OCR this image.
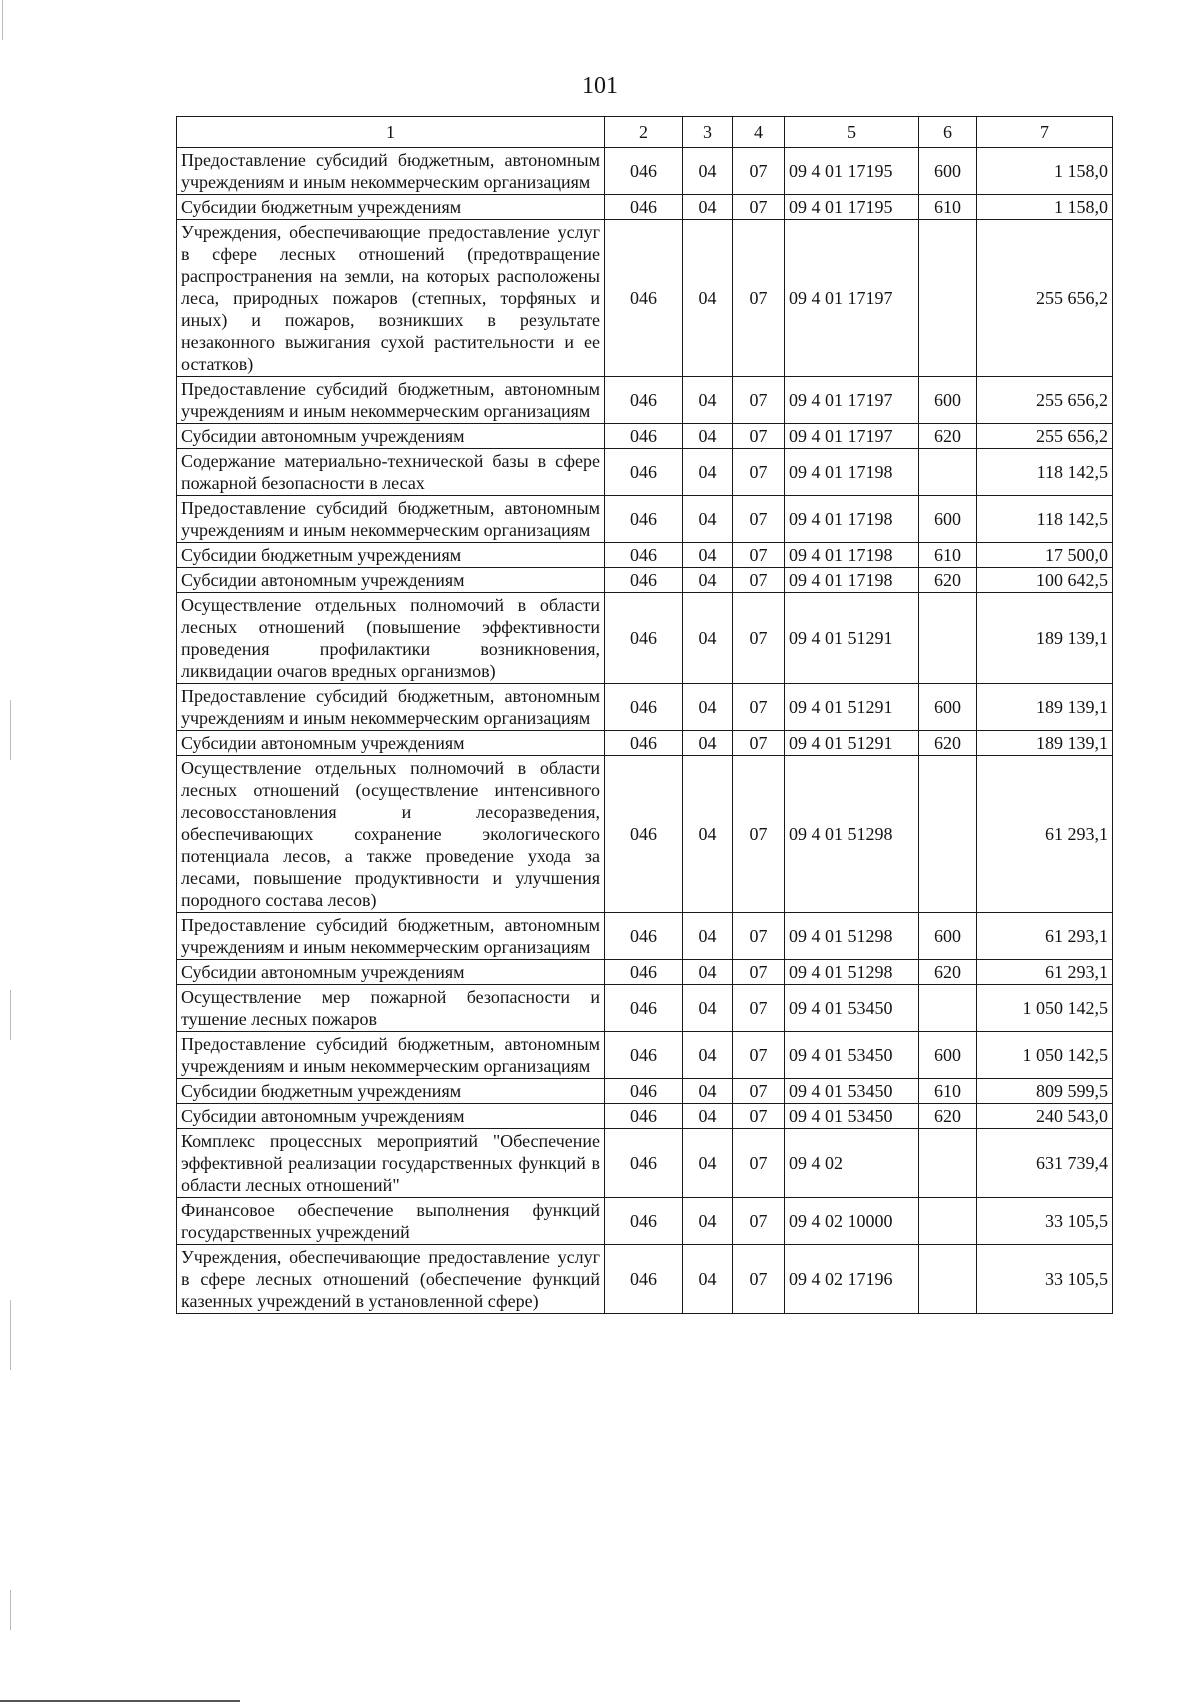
101
1	2	3	4	5	6	7
Предоставление субсидий бюджетным, автономным учреждениям и иным некоммерческим организациям	046	04	07	09 4 01 17195	600	1 158,0
Субсидии бюджетным учреждениям	046	04	07	09 4 01 17195	610	1 158,0
Учреждения, обеспечивающие предоставление услуг в сфере лесных отношений (предотвращение распространения на земли, на которых расположены леса, природных пожаров (степных, торфяных и иных) и пожаров, возникших в результате незаконного выжигания сухой растительности и ее остатков)	046	04	07	09 4 01 17197		255 656,2
Предоставление субсидий бюджетным, автономным учреждениям и иным некоммерческим организациям	046	04	07	09 4 01 17197	600	255 656,2
Субсидии автономным учреждениям	046	04	07	09 4 01 17197	620	255 656,2
Содержание материально-технической базы в сфере пожарной безопасности в лесах	046	04	07	09 4 01 17198		118 142,5
Предоставление субсидий бюджетным, автономным учреждениям и иным некоммерческим организациям	046	04	07	09 4 01 17198	600	118 142,5
Субсидии бюджетным учреждениям	046	04	07	09 4 01 17198	610	17 500,0
Субсидии автономным учреждениям	046	04	07	09 4 01 17198	620	100 642,5
Осуществление отдельных полномочий в области лесных отношений (повышение эффективности проведения профилактики возникновения, ликвидации очагов вредных организмов)	046	04	07	09 4 01 51291		189 139,1
Предоставление субсидий бюджетным, автономным учреждениям и иным некоммерческим организациям	046	04	07	09 4 01 51291	600	189 139,1
Субсидии автономным учреждениям	046	04	07	09 4 01 51291	620	189 139,1
Осуществление отдельных полномочий в области лесных отношений (осуществление интенсивного лесовосстановления и лесоразведения, обеспечивающих сохранение экологического потенциала лесов, а также проведение ухода за лесами, повышение продуктивности и улучшения породного состава лесов)	046	04	07	09 4 01 51298		61 293,1
Предоставление субсидий бюджетным, автономным учреждениям и иным некоммерческим организациям	046	04	07	09 4 01 51298	600	61 293,1
Субсидии автономным учреждениям	046	04	07	09 4 01 51298	620	61 293,1
Осуществление мер пожарной безопасности и тушение лесных пожаров	046	04	07	09 4 01 53450		1 050 142,5
Предоставление субсидий бюджетным, автономным учреждениям и иным некоммерческим организациям	046	04	07	09 4 01 53450	600	1 050 142,5
Субсидии бюджетным учреждениям	046	04	07	09 4 01 53450	610	809 599,5
Субсидии автономным учреждениям	046	04	07	09 4 01 53450	620	240 543,0
Комплекс процессных мероприятий "Обеспечение эффективной реализации государственных функций в области лесных отношений"	046	04	07	09 4 02		631 739,4
Финансовое обеспечение выполнения функций государственных учреждений	046	04	07	09 4 02 10000		33 105,5
Учреждения, обеспечивающие предоставление услуг в сфере лесных отношений (обеспечение функций казенных учреждений в установленной сфере)	046	04	07	09 4 02 17196		33 105,5
